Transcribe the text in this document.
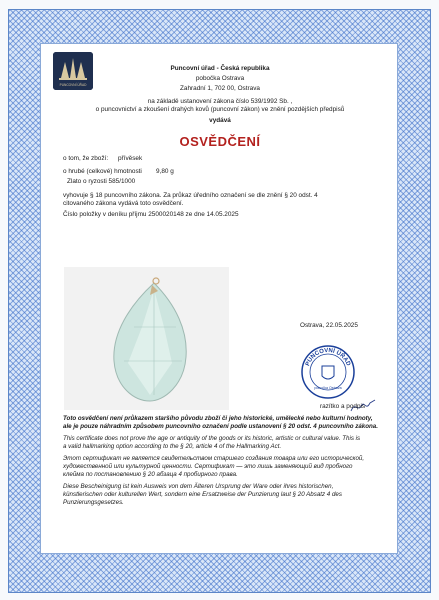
PUNCOVNÍ ÚŘAD
Puncovní úřad - Česká republika
pobočka Ostrava
Zahradní 1, 702 00, Ostrava
na základě ustanovení zákona číslo 539/1992 Sb. ,
o puncovnictví a zkoušení drahých kovů (puncovní zákon) ve znění pozdějších předpisů
vydává
OSVĚDČENÍ
o tom, že zboží: přívěsek
o hrubé (celkové) hmotnosti 9,80 g
Zlato o ryzosti 585/1000
vyhovuje § 18 puncovního zákona. Za průkaz úředního označení se dle znění § 20 odst. 4
citovaného zákona vydává toto osvědčení.
Číslo položky v deníku příjmu 2500020148 ze dne 14.05.2025
Ostrava, 22.05.2025
PUNCOVNÍ ÚŘAD
pobočka Ostrava
razítko a podpis
Toto osvědčení není průkazem staršího původu zboží či jeho historické, umělecké nebo kulturní hodnoty,
ale je pouze náhradním způsobem puncovního označení podle ustanovení § 20 odst. 4 puncovního zákona.
This certificate does not prove the age or antiquity of the goods or its historic, artistic or cultural value. This is
a valid hallmarking option according to the § 20, article 4 of the Hallmarking Act.
Этот сертификат не является свидетельством старшего создания товара или его исторической,
художественной или культурной ценности. Сертификат — это лишь заменяющий вид пробного
клейма по постановлению § 20 абзаца 4 пробирного права.
Diese Bescheinigung ist kein Ausweis von dem Älteren Ursprung der Ware oder ihres historischen,
künstlerischen oder kulturellen Wert, sondern eine Ersatzweise der Punzierung laut § 20 Absatz 4 des
Punzierungsgesetzes.
